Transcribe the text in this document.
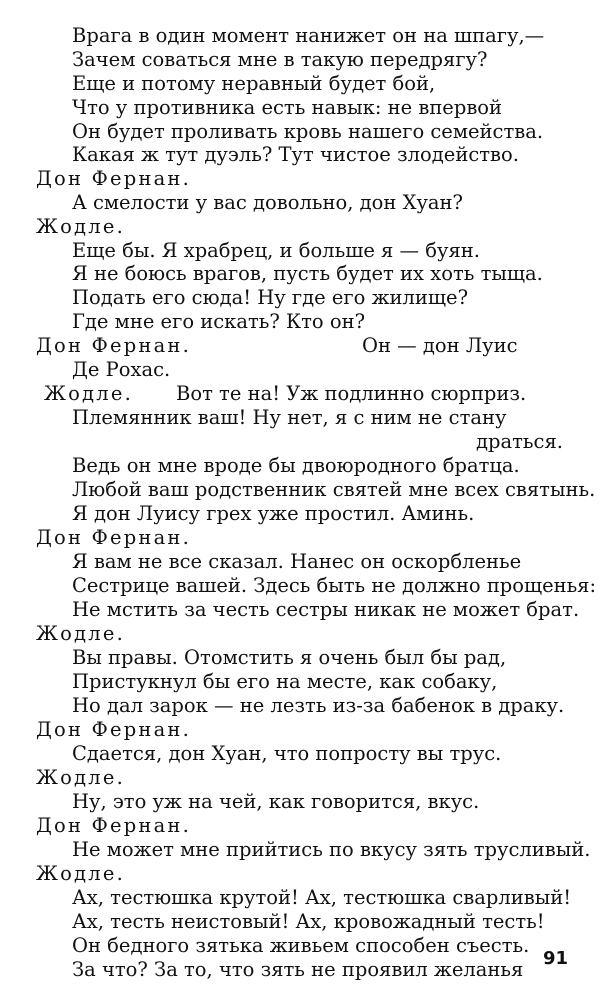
Врага в один момент нанижет он на шпагу,—
Зачем соваться мне в такую передрягу?
Еще и потому неравный будет бой,
Что у противника есть навык: не впервой
Он будет проливать кровь нашего семейства.
Какая ж тут дуэль? Тут чистое злодейство.
Дон Фернан.
А смелости у вас довольно, дон Хуан?
Жодле.
Еще бы. Я храбрец, и больше я — буян.
Я не боюсь врагов, пусть будет их хоть тыща.
Подать его сюда! Ну где его жилище?
Где мне его искать? Кто он?
Дон Фернан.	Он — дон Луис
Де Рохас.
Жодле. Вот те на! Уж подлинно сюрприз.
Племянник ваш! Ну нет, я с ним не стану
драться.
Ведь он мне вроде бы двоюродного братца.
Любой ваш родственник святей мне всех святынь.
Я дон Луису грех уже простил. Аминь.
Дон Фернан.
Я вам не все сказал. Нанес он оскорбленье
Сестрице вашей. Здесь быть не должно прощенья:
Не мстить за честь сестры никак не может брат.
Жодле.
Вы правы. Отомстить я очень был бы рад,
Пристукнул бы его на месте, как собаку,
Но дал зарок — не лезть из-за бабенок в драку.
Дон Фернан.
Сдается, дон Хуан, что попросту вы трус.
Жодле.
Ну, это уж на чей, как говорится, вкус.
Дон Фернан.
Не может мне прийтись по вкусу зять трусливый.
Жодле.
Ах, тестюшка крутой! Ах, тестюшка сварливый!
Ах, тесть неистовый! Ах, кровожадный тесть!
Он бедного зятька живьем способен съесть.
За что? За то, что зять не проявил желанья 91
